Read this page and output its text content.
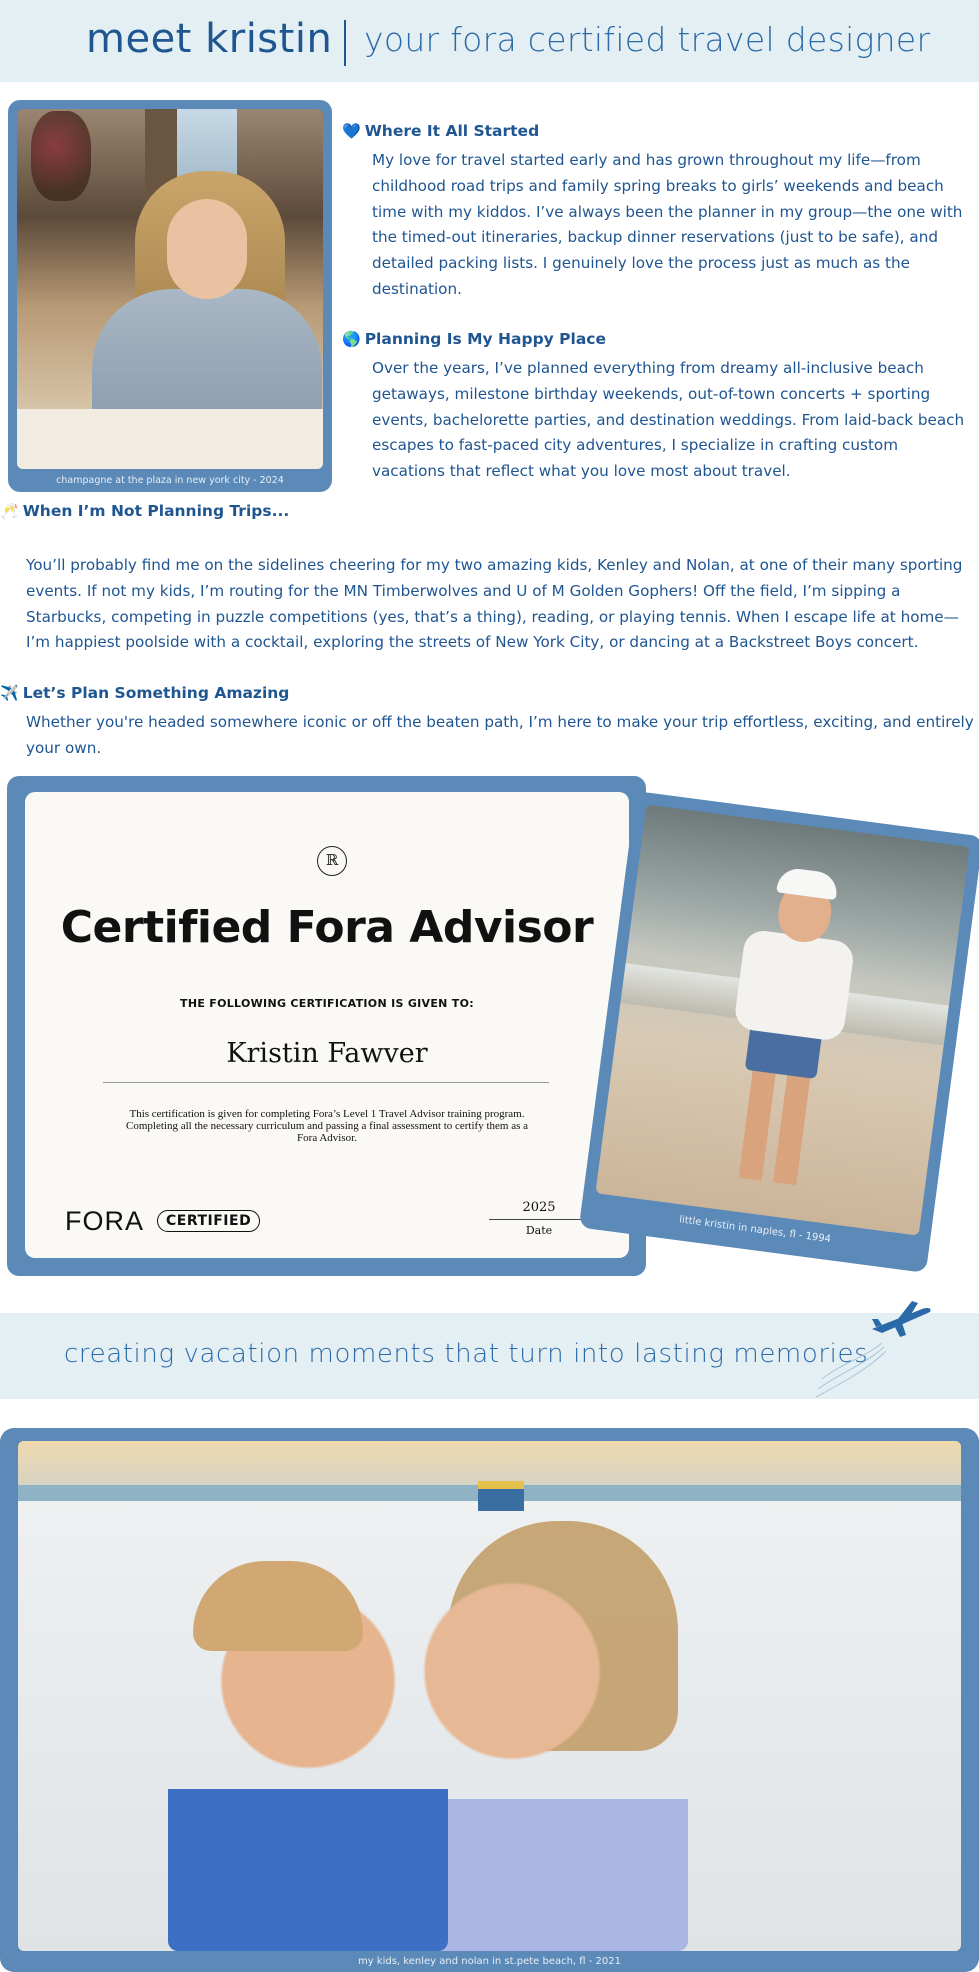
meet kristin your fora certified travel designer
champagne at the plaza in new york city - 2024
💙 Where It All Started
My love for travel started early and has grown throughout my life—from childhood road trips and family spring breaks to girls’ weekends and beach time with my kiddos. I’ve always been the planner in my group—the one with the timed-out itineraries, backup dinner reservations (just to be safe), and detailed packing lists. I genuinely love the process just as much as the destination.
🌎 Planning Is My Happy Place
Over the years, I’ve planned everything from dreamy all-inclusive beach getaways, milestone birthday weekends, out-of-town concerts + sporting events, bachelorette parties, and destination weddings. From laid-back beach escapes to fast-paced city adventures, I specialize in crafting custom vacations that reflect what you love most about travel.
🥂 When I’m Not Planning Trips...
You’ll probably find me on the sidelines cheering for my two amazing kids, Kenley and Nolan, at one of their many sporting events. If not my kids, I’m routing for the MN Timberwolves and U of M Golden Gophers! Off the field, I’m sipping a Starbucks, competing in puzzle competitions (yes, that’s a thing), reading, or playing tennis. When I escape life at home—I’m happiest poolside with a cocktail, exploring the streets of New York City, or dancing at a Backstreet Boys concert.
✈️ Let’s Plan Something Amazing
Whether you're headed somewhere iconic or off the beaten path, I’m here to make your trip effortless, exciting, and entirely your own.
ℝ
Certified Fora Advisor
THE FOLLOWING CERTIFICATION IS GIVEN TO:
Kristin Fawver
This certification is given for completing Fora’s Level 1 Travel Advisor training program. Completing all the necessary curriculum and passing a final assessment to certify them as a Fora Advisor.
FORA	CERTIFIED
2025
Date	little kristin in naples, fl - 1994
creating vacation moments that turn into lasting memories
my kids, kenley and nolan in st.pete beach, fl - 2021
